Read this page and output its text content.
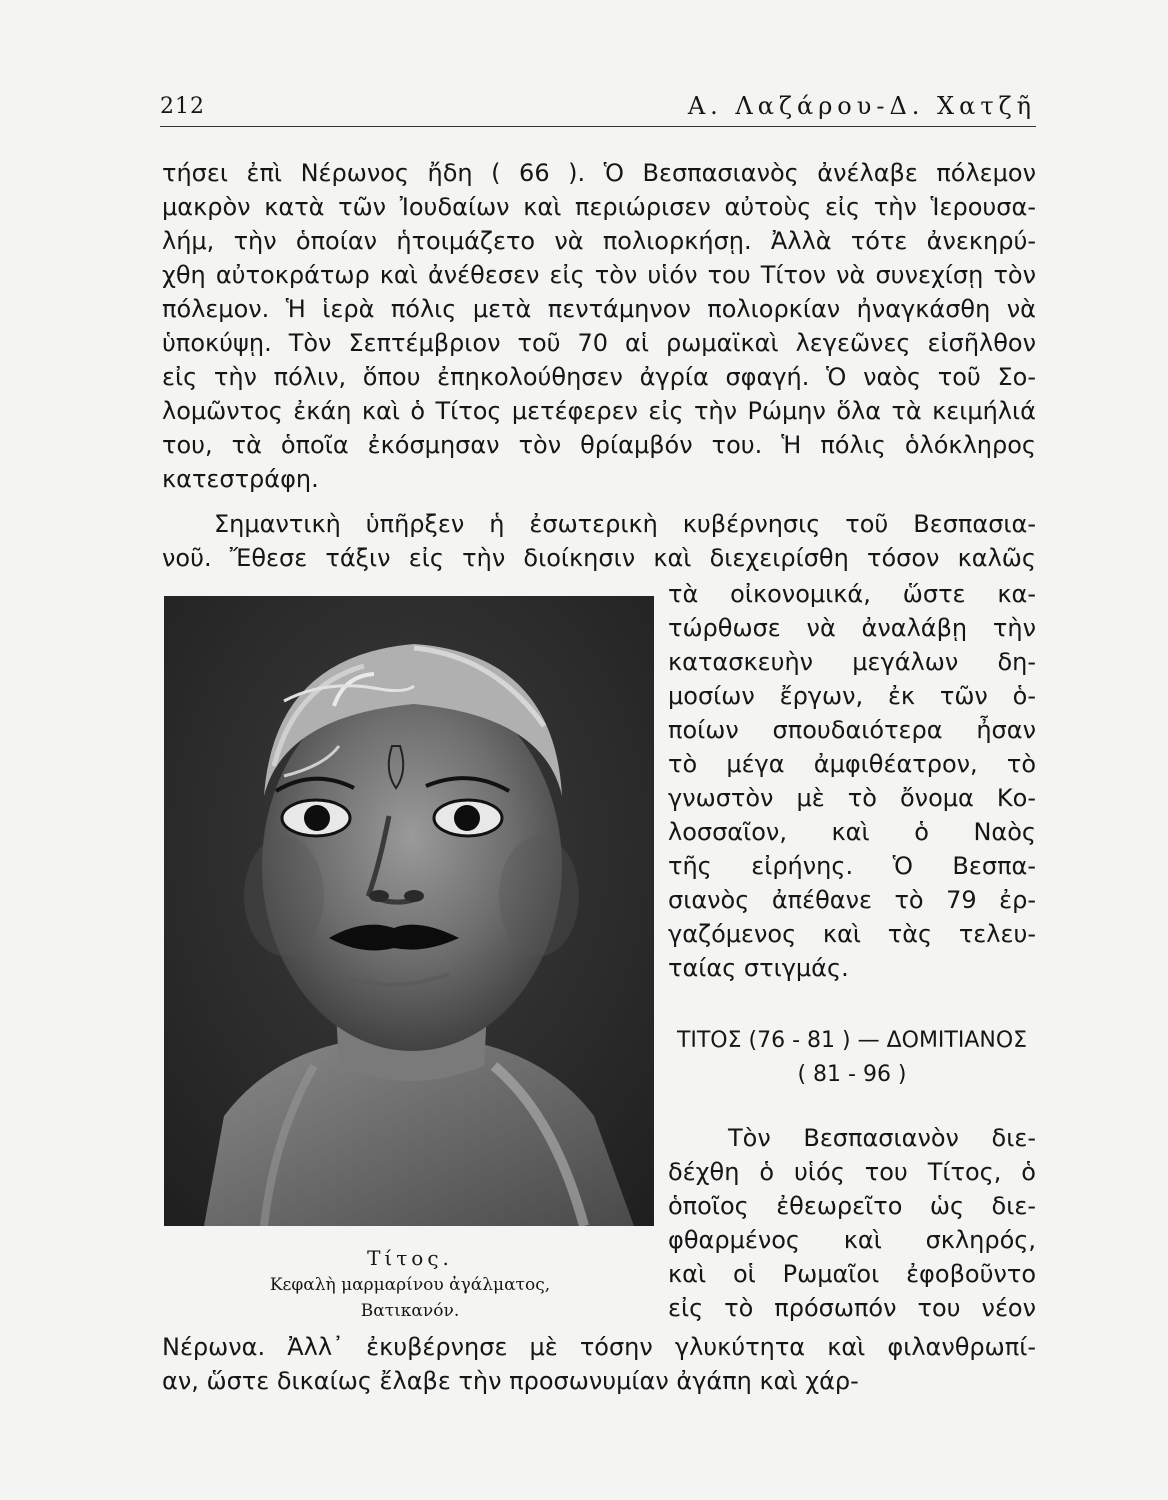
212	Α. Λαζάρου-Δ. Χατζῆ

τήσει ἐπὶ Νέρωνος ἤδη ( 66 ). Ὁ Βεσπασιανὸς ἀνέλαβε πόλεμον
μακρὸν κατὰ τῶν Ἰουδαίων καὶ περιώρισεν αὐτοὺς εἰς τὴν Ἱερουσα-
λήμ, τὴν ὁποίαν ἡτοιμάζετο νὰ πολιορκήσῃ. Ἀλλὰ τότε ἀνεκηρύ-
χθη αὐτοκράτωρ καὶ ἀνέθεσεν εἰς τὸν υἱόν του Τίτον νὰ συνεχίσῃ τὸν
πόλεμον. Ἡ ἱερὰ πόλις μετὰ πεντάμηνον πολιορκίαν ἠναγκάσθη νὰ
ὑποκύψῃ. Τὸν Σεπτέμβριον τοῦ 70 αἱ ρωμαϊκαὶ λεγεῶνες εἰσῆλθον
εἰς τὴν πόλιν, ὅπου ἐπηκολούθησεν ἀγρία σφαγή. Ὁ ναὸς τοῦ Σο-
λομῶντος ἐκάη καὶ ὁ Τίτος μετέφερεν εἰς τὴν Ρώμην ὅλα τὰ κειμήλιά
του, τὰ ὁποῖα ἐκόσμησαν τὸν θρίαμβόν του. Ἡ πόλις ὁλόκληρος
κατεστράφη.

Σημαντικὴ ὑπῆρξεν ἡ ἐσωτερικὴ κυβέρνησις τοῦ Βεσπασια-
νοῦ. Ἔθεσε τάξιν εἰς τὴν διοίκησιν καὶ διεχειρίσθη τόσον καλῶς

τὰ οἰκονομικά, ὥστε κα-
τώρθωσε νὰ ἀναλάβῃ τὴν
κατασκευὴν μεγάλων δη-
μοσίων ἔργων, ἐκ τῶν ὁ-
ποίων σπουδαιότερα ἦσαν
τὸ μέγα ἀμφιθέατρον, τὸ
γνωστὸν μὲ τὸ ὄνομα Κο-
λοσσαῖον, καὶ ὁ Ναὸς
τῆς εἰρήνης. Ὁ Βεσπα-
σιανὸς ἀπέθανε τὸ 79 ἐρ-
γαζόμενος καὶ τὰς τελευ-
ταίας στιγμάς.

ΤΙΤΟΣ (76 - 81 ) — ΔΟΜΙΤΙΑΝΟΣ
( 81 - 96 )

Τὸν Βεσπασιανὸν διε-
δέχθη ὁ υἱός του Τίτος, ὁ
ὁποῖος ἐθεωρεῖτο ὡς διε-
φθαρμένος καὶ σκληρός,
καὶ οἱ Ρωμαῖοι ἐφοβοῦντο
εἰς τὸ πρόσωπόν του νέον

Νέρωνα. Ἀλλ᾽ ἐκυβέρνησε μὲ τόσην γλυκύτητα καὶ φιλανθρωπί-
αν, ὥστε δικαίως ἔλαβε τὴν προσωνυμίαν ἀγάπη καὶ χάρ-

Τίτος.
Κεφαλὴ μαρμαρίνου ἀγάλματος,
Βατικανόν.
